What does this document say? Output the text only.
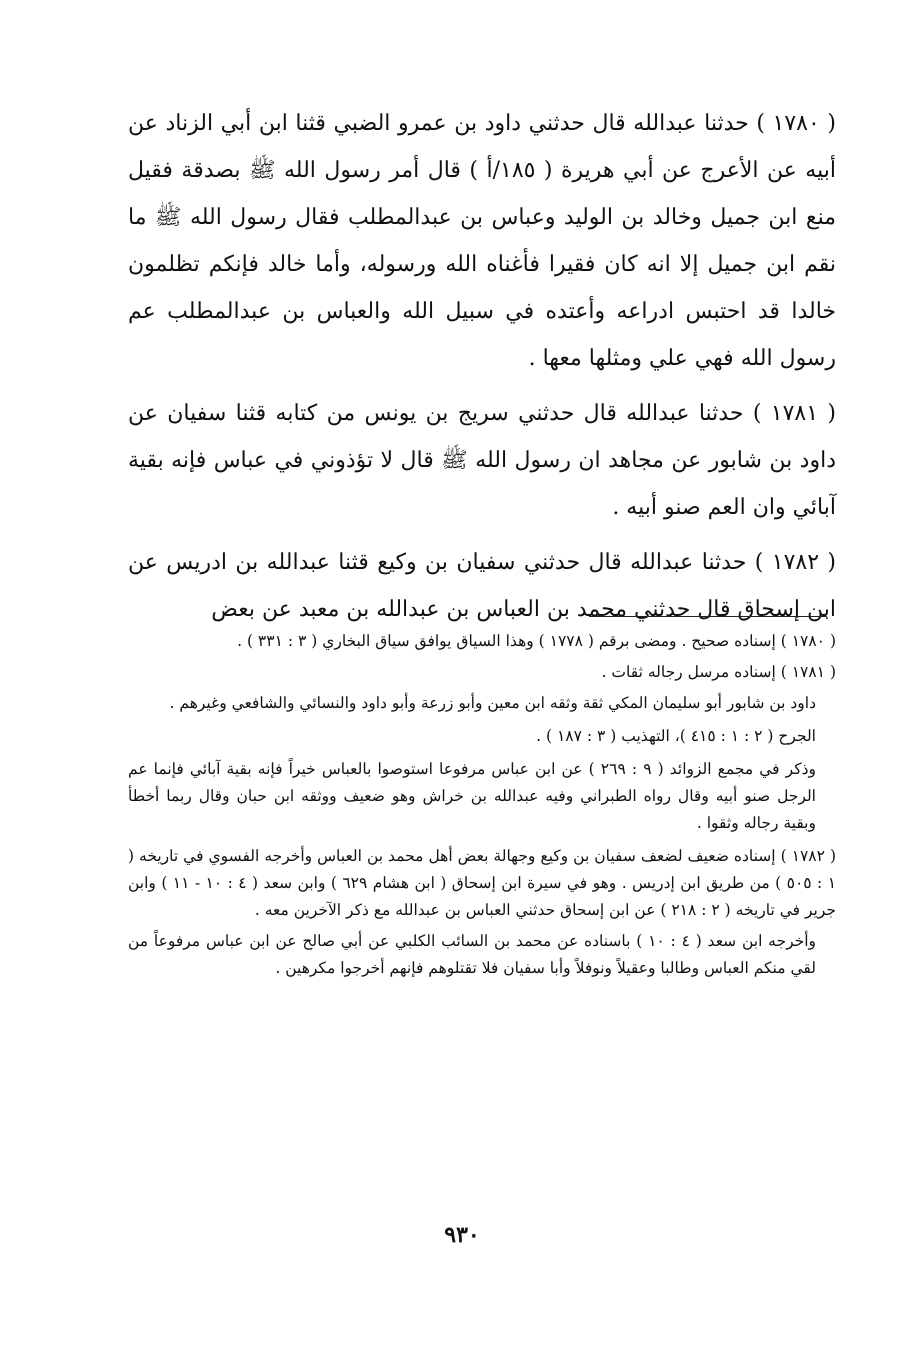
( ١٧٨٠ ) حدثنا عبدالله قال حدثني داود بن عمرو الضبي قثنا ابن أبي الزناد عن أبيه عن الأعرج عن أبي هريرة ( ١٨٥/أ ) قال أمر رسول الله ﷺ بصدقة فقيل منع ابن جميل وخالد بن الوليد وعباس بن عبدالمطلب فقال رسول الله ﷺ ما نقم ابن جميل إلا انه كان فقيرا فأغناه الله ورسوله، وأما خالد فإنكم تظلمون خالدا قد احتبس ادراعه وأعتده في سبيل الله والعباس بن عبدالمطلب عم رسول الله فهي علي ومثلها معها .

( ١٧٨١ ) حدثنا عبدالله قال حدثني سريج بن يونس من كتابه قثنا سفيان عن داود بن شابور عن مجاهد ان رسول الله ﷺ قال لا تؤذوني في عباس فإنه بقية آبائي وان العم صنو أبيه .

( ١٧٨٢ ) حدثنا عبدالله قال حدثني سفيان بن وكيع قثنا عبدالله بن ادريس عن ابن إسحاق قال حدثني محمد بن العباس بن عبدالله بن معبد عن بعض

( ١٧٨٠ ) إسناده صحيح . ومضى برقم ( ١٧٧٨ ) وهذا السياق يوافق سياق البخاري ( ٣ : ٣٣١ ) .

( ١٧٨١ ) إسناده مرسل رجاله ثقات .

داود بن شابور أبو سليمان المكي ثقة وثقه ابن معين وأبو زرعة وأبو داود والنسائي والشافعي وغيرهم .

الجرح ( ٢ : ١ : ٤١٥ )، التهذيب ( ٣ : ١٨٧ ) .

وذكر في مجمع الزوائد ( ٩ : ٢٦٩ ) عن ابن عباس مرفوعا استوصوا بالعباس خيراً فإنه بقية آبائي فإنما عم الرجل صنو أبيه وقال رواه الطبراني وفيه عبدالله بن خراش وهو ضعيف ووثقه ابن حبان وقال ربما أخطأ وبقية رجاله وثقوا .

( ١٧٨٢ ) إسناده ضعيف لضعف سفيان بن وكيع وجهالة بعض أهل محمد بن العباس وأخرجه الفسوي في تاريخه ( ١ : ٥٠٥ ) من طريق ابن إدريس . وهو في سيرة ابن إسحاق ( ابن هشام ٦٢٩ ) وابن سعد ( ٤ : ١٠ - ١١ ) وابن جرير في تاريخه ( ٢ : ٢١٨ ) عن ابن إسحاق حدثني العباس بن عبدالله مع ذكر الآخرين معه .

وأخرجه ابن سعد ( ٤ : ١٠ ) باسناده عن محمد بن السائب الكلبي عن أبي صالح عن ابن عباس مرفوعاً من لقي منكم العباس وطالبا وعقيلاً ونوفلاً وأبا سفيان فلا تقتلوهم فإنهم أخرجوا مكرهين .

٩٣٠
